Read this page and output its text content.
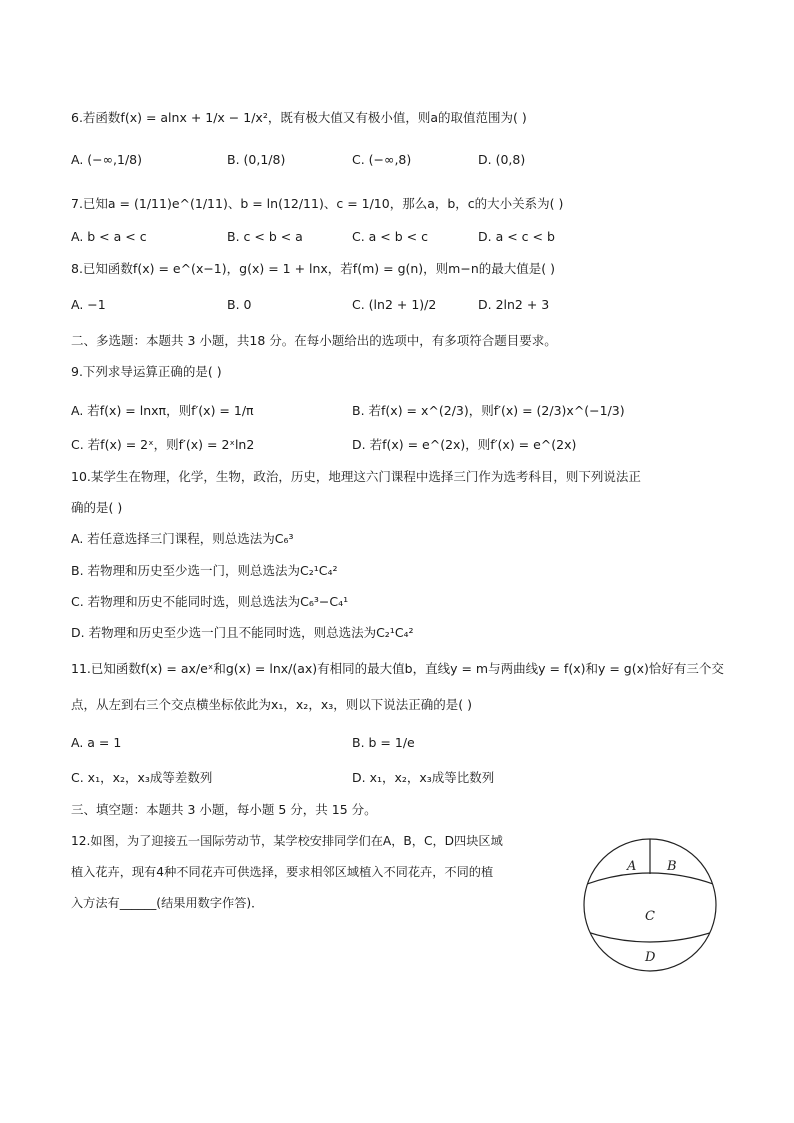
6.若函数f(x) = alnx + 1/x − 1/x²，既有极大值又有极小值，则a的取值范围为( )
A. (−∞,1/8)	B. (0,1/8)	C. (−∞,8)	D. (0,8)
7.已知a = (1/11)e^(1/11)、b = ln(12/11)、c = 1/10，那么a，b，c的大小关系为( )
A. b < a < c	B. c < b < a	C. a < b < c	D. a < c < b
8.已知函数f(x) = e^(x−1)，g(x) = 1 + lnx，若f(m) = g(n)，则m−n的最大值是( )
A. −1	B. 0	C. (ln2 + 1)/2	D. 2ln2 + 3
二、多选题：本题共 3 小题，共18 分。在每小题给出的选项中，有多项符合题目要求。
9.下列求导运算正确的是( )
A. 若f(x) = lnxπ，则f′(x) = 1/π	B. 若f(x) = x^(2/3)，则f′(x) = (2/3)x^(−1/3)
C. 若f(x) = 2ˣ，则f′(x) = 2ˣln2	D. 若f(x) = e^(2x)，则f′(x) = e^(2x)
10.某学生在物理，化学，生物，政治，历史，地理这六门课程中选择三门作为选考科目，则下列说法正
确的是( )
A. 若任意选择三门课程，则总选法为C₆³
B. 若物理和历史至少选一门，则总选法为C₂¹C₄²
C. 若物理和历史不能同时选，则总选法为C₆³−C₄¹
D. 若物理和历史至少选一门且不能同时选，则总选法为C₂¹C₄²
11.已知函数f(x) = ax/eˣ和g(x) = lnx/(ax)有相同的最大值b，直线y = m与两曲线y = f(x)和y = g(x)恰好有三个交
点，从左到右三个交点横坐标依此为x₁，x₂，x₃，则以下说法正确的是( )
A. a = 1	B. b = 1/e
C. x₁，x₂，x₃成等差数列	D. x₁，x₂，x₃成等比数列
三、填空题：本题共 3 小题，每小题 5 分，共 15 分。
12.如图，为了迎接五一国际劳动节，某学校安排同学们在A，B，C，D四块区域
植入花卉，现有4种不同花卉可供选择，要求相邻区域植入不同花卉，不同的植
入方法有______(结果用数字作答)．
A B
C
D
